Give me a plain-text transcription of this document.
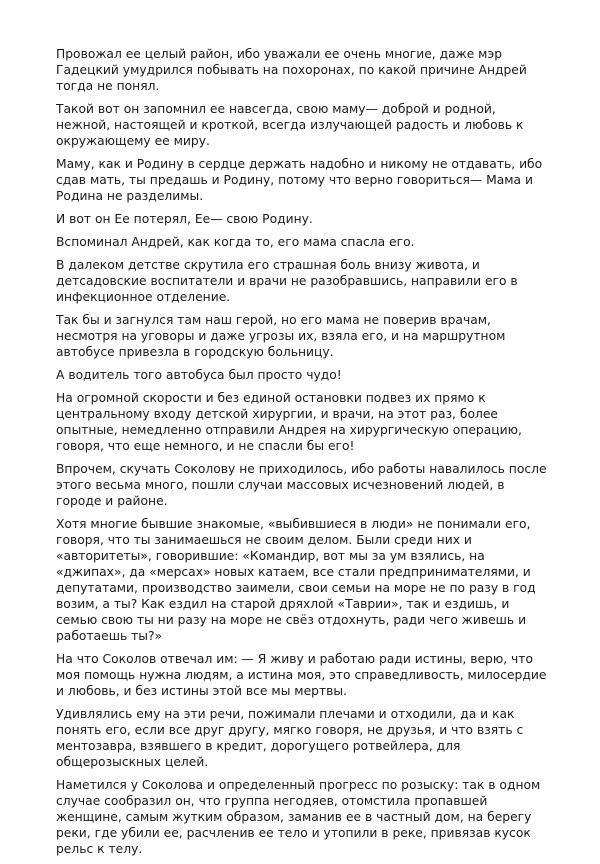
Провожал ее целый район, ибо уважали ее очень многие, даже мэр Гадецкий умудрился побывать на похоронах, по какой причине Андрей тогда не понял.

Такой вот он запомнил ее навсегда, свою маму— доброй и родной, нежной, настоящей и кроткой, всегда излучающей радость и любовь к окружающему ее миру.

Маму, как и Родину в сердце держать надобно и никому не отдавать, ибо сдав мать, ты предашь и Родину, потому что верно говориться— Мама и Родина не разделимы.

И вот он Ее потерял, Ее— свою Родину.

Вспоминал Андрей, как когда то, его мама спасла его.

В далеком детстве скрутила его страшная боль внизу живота, и детсадовские воспитатели и врачи не разобравшись, направили его в инфекционное отделение.

Так бы и загнулся там наш герой, но его мама не поверив врачам, несмотря на уговоры и даже угрозы их, взяла его, и на маршрутном автобусе привезла в городскую больницу.

А водитель того автобуса был просто чудо!

На огромной скорости и без единой остановки подвез их прямо к центральному входу детской хирургии, и врачи, на этот раз, более опытные, немедленно отправили Андрея на хирургическую операцию, говоря, что еще немного, и не спасли бы его!

Впрочем, скучать Соколову не приходилось, ибо работы навалилось после этого весьма много, пошли случаи массовых исчезновений людей, в городе и районе.

Хотя многие бывшие знакомые, «выбившиеся в люди» не понимали его, говоря, что ты занимаешься не своим делом. Были среди них и «авторитеты», говорившие: «Командир, вот мы за ум взялись, на «джипах», да «мерсах» новых катаем, все стали предпринимателями, и депутатами, производство заимели, свои семьи на море не по разу в год возим, а ты? Как ездил на старой дряхлой «Таврии», так и ездишь, и семью свою ты ни разу на море не свёз отдохнуть, ради чего живешь и работаешь ты?»

На что Соколов отвечал им: — Я живу и работаю ради истины, верю, что моя помощь нужна людям, а истина моя, это справедливость, милосердие и любовь, и без истины этой все мы мертвы.

Удивлялись ему на эти речи, пожимали плечами и отходили, да и как понять его, если все друг другу, мягко говоря, не друзья, и что взять с ментозавра, взявшего в кредит, дорогущего ротвейлера, для общерозыскных целей.

Наметился у Соколова и определенный прогресс по розыску: так в одном случае сообразил он, что группа негодяев, отомстила пропавшей женщине, самым жутким образом, заманив ее в частный дом, на берегу реки, где убили ее, расчленив ее тело и утопили в реке, привязав кусок рельс к телу.
